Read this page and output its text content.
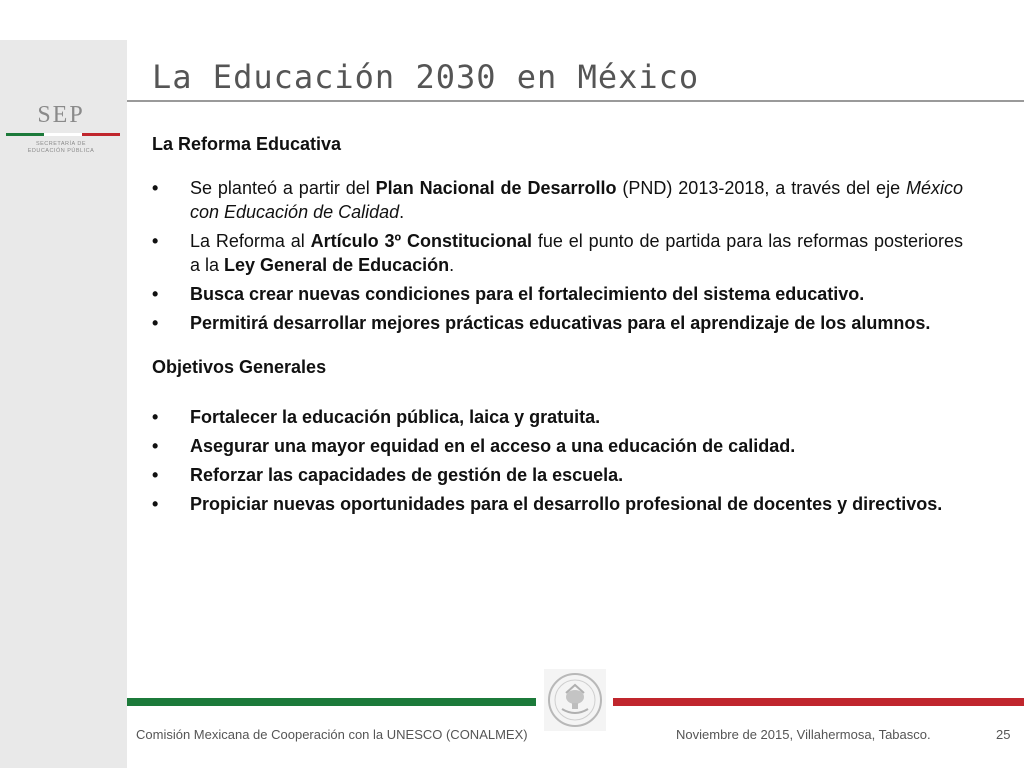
SEP
SECRETARÍA DE
EDUCACIÓN PÚBLICA
La Educación 2030 en México

La Reforma Educativa

• Se planteó a partir del Plan Nacional de Desarrollo (PND) 2013-2018, a través del eje México con Educación de Calidad.
• La Reforma al Artículo 3º Constitucional fue el punto de partida para las reformas posteriores a la Ley General de Educación.
• Busca crear nuevas condiciones para el fortalecimiento del sistema educativo.
• Permitirá desarrollar mejores prácticas educativas para el aprendizaje de los alumnos.

Objetivos Generales

• Fortalecer la educación pública, laica y gratuita.
• Asegurar una mayor equidad en el acceso a una educación de calidad.
• Reforzar las capacidades de gestión de la escuela.
• Propiciar nuevas oportunidades para el desarrollo profesional de docentes y directivos.
Comisión Mexicana de Cooperación con la UNESCO (CONALMEX)	Noviembre de 2015, Villahermosa, Tabasco.	25
